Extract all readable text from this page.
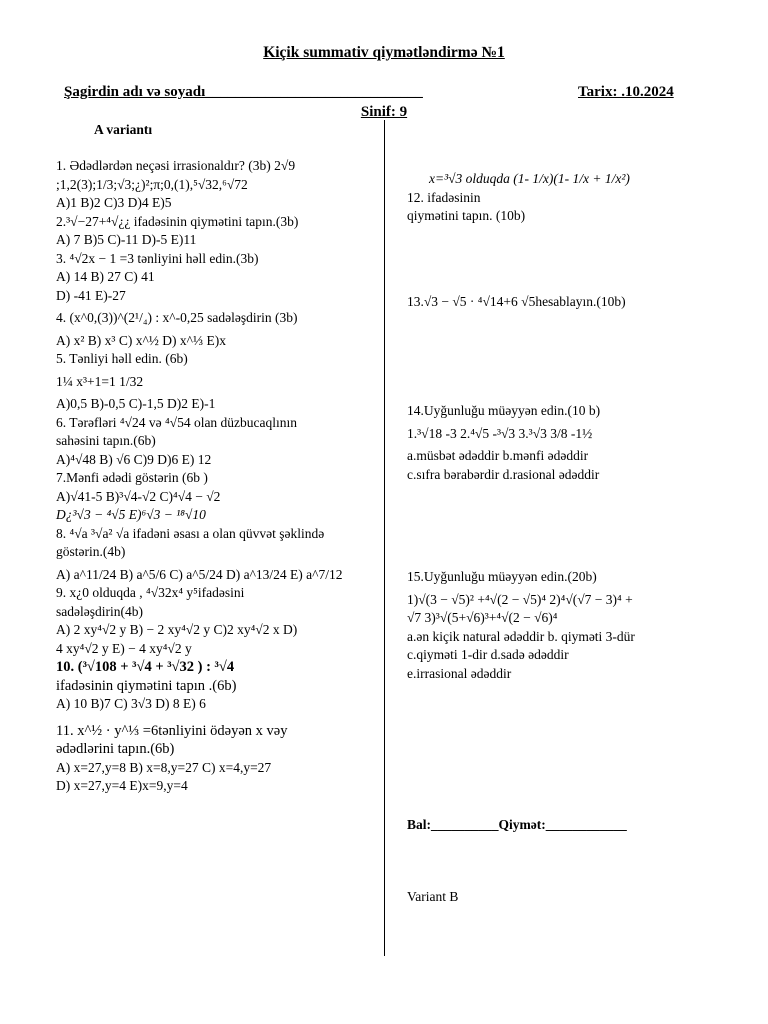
Kiçik summativ qiymətləndirmə №1
Şagirdin adı və soyadı_____________________________	Tarix: .10.2024
Sinif: 9
A variantı
1. Ədədlərdən neçəsi irrasionaldır? (3b) 2√9
;1,2(3);1/3;√3;¿)²;π;0,(1),⁵√32,⁶√72
A)1 B)2 C)3 D)4 E)5
2.³√−27+⁴√¿¿ ifadəsinin qiymətini tapın.(3b)
A) 7 B)5 C)-11 D)-5 E)11
3. ⁴√2x − 1 =3 tənliyini həll edin.(3b)
A) 14 B) 27 C) 41
D) -41 E)-27
4. (x^0,(3))^(2¹/₄) : x^-0,25 sadələşdirin (3b)
A) x² B) x³ C) x^½ D) x^⅓ E)x
5. Tənliyi həll edin. (6b)
1¼ x³+1=1 1/32
A)0,5 B)-0,5 C)-1,5 D)2 E)-1
6. Tərəfləri ⁴√24 və ⁴√54 olan düzbucaqlının
sahəsini tapın.(6b)
A)⁴√48 B) √6 C)9 D)6 E) 12
7.Mənfi ədədi göstərin (6b )
A)√41-5 B)³√4-√2 C)⁴√4 − √2
D¿³√3 − ⁴√5 E)⁶√3 − ¹⁸√10
8. ⁴√a ³√a² √a ifadəni əsası a olan qüvvət şəklində
göstərin.(4b)
A) a^11/24 B) a^5/6 C) a^5/24 D) a^13/24 E) a^7/12
9. x¿0 olduqda , ⁴√32x⁴ y⁵ifadəsini
sadələşdirin(4b)
A) 2 xy⁴√2 y B) − 2 xy⁴√2 y C)2 xy⁴√2 x D)
4 xy⁴√2 y E) − 4 xy⁴√2 y
10. (³√108 + ³√4 + ³√32 ) : ³√4
ifadəsinin qiymətini tapın .(6b)
A) 10 B)7 C) 3√3 D) 8 E) 6
11. x^½ · y^⅓ =6tənliyini ödəyən x vəy
ədədlərini tapın.(6b)
A) x=27,y=8 B) x=8,y=27 C) x=4,y=27
D) x=27,y=4 E)x=9,y=4
x=³√3 olduqda (1- 1/x)(1- 1/x + 1/x²)
12. ifadəsinin
qiymətini tapın. (10b)
13.√3 − √5 · ⁴√14+6 √5hesablayın.(10b)
14.Uyğunluğu müəyyən edin.(10 b)
1.³√18 -3 2.⁴√5 -³√3 3.³√3 3/8 -1½
a.müsbət ədəddir b.mənfi ədəddir
c.sıfra bərabərdir d.rasional ədəddir
15.Uyğunluğu müəyyən edin.(20b)
1)√(3 − √5)² +⁴√(2 − √5)⁴ 2)⁴√(√7 − 3)⁴ +
√7 3)³√(5+√6)³+⁴√(2 − √6)⁴
a.ən kiçik natural ədəddir b. qiyməti 3-dür
c.qiyməti 1-dir d.sadə ədəddir
e.irrasional ədəddir
Bal:__________Qiymət:____________
Variant B
